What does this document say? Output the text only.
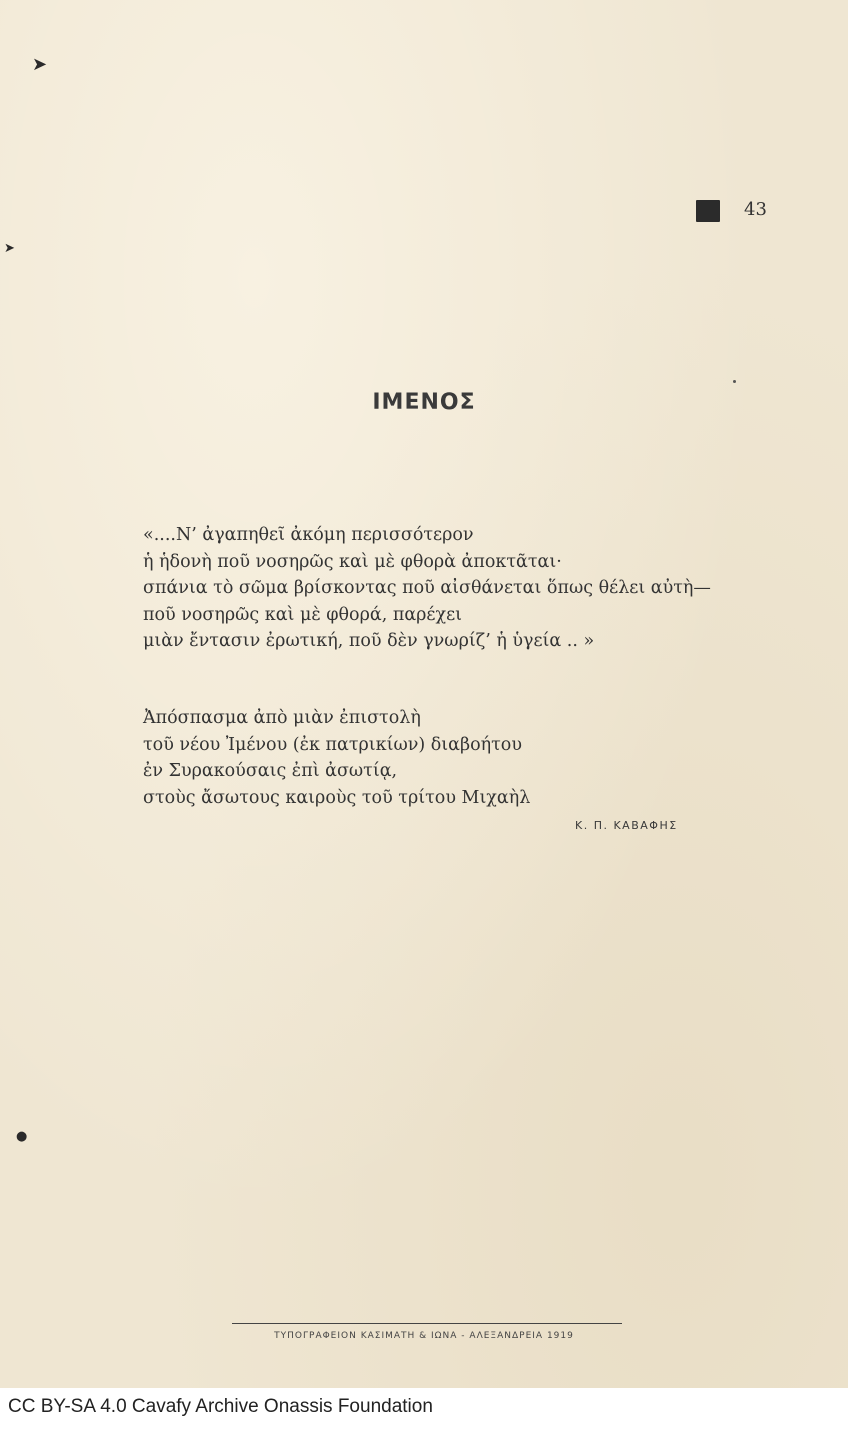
➤
➤
●
43
ΙΜΕΝΟΣ
«....Ν’ ἀγαπηθεῖ ἀκόμη περισσότερον
ἡ ἡδονὴ ποῦ νοσηρῶς καὶ μὲ φθορὰ ἀποκτᾶται·
σπάνια τὸ σῶμα βρίσκοντας ποῦ αἰσθάνεται ὅπως θέλει αὐτὴ—
ποῦ νοσηρῶς καὶ μὲ φθορά, παρέχει
μιὰν ἔντασιν ἐρωτική, ποῦ δὲν γνωρίζ’ ἡ ὑγεία .. »
Ἀπόσπασμα ἀπὸ μιὰν ἐπιστολὴ
τοῦ νέου Ἰμένου (ἐκ πατρικίων) διαβοήτου
ἐν Συρακούσαις ἐπὶ ἀσωτίᾳ,
στοὺς ἄσωτους καιροὺς τοῦ τρίτου Μιχαὴλ
Κ. Π. ΚΑΒΑΦΗΣ
ΤΥΠΟΓΡΑΦΕΙΟΝ ΚΑΣΙΜΑΤΗ & ΙΩΝΑ - ΑΛΕΞΑΝΔΡΕΙΑ 1919
CC BY-SA 4.0 Cavafy Archive Onassis Foundation
